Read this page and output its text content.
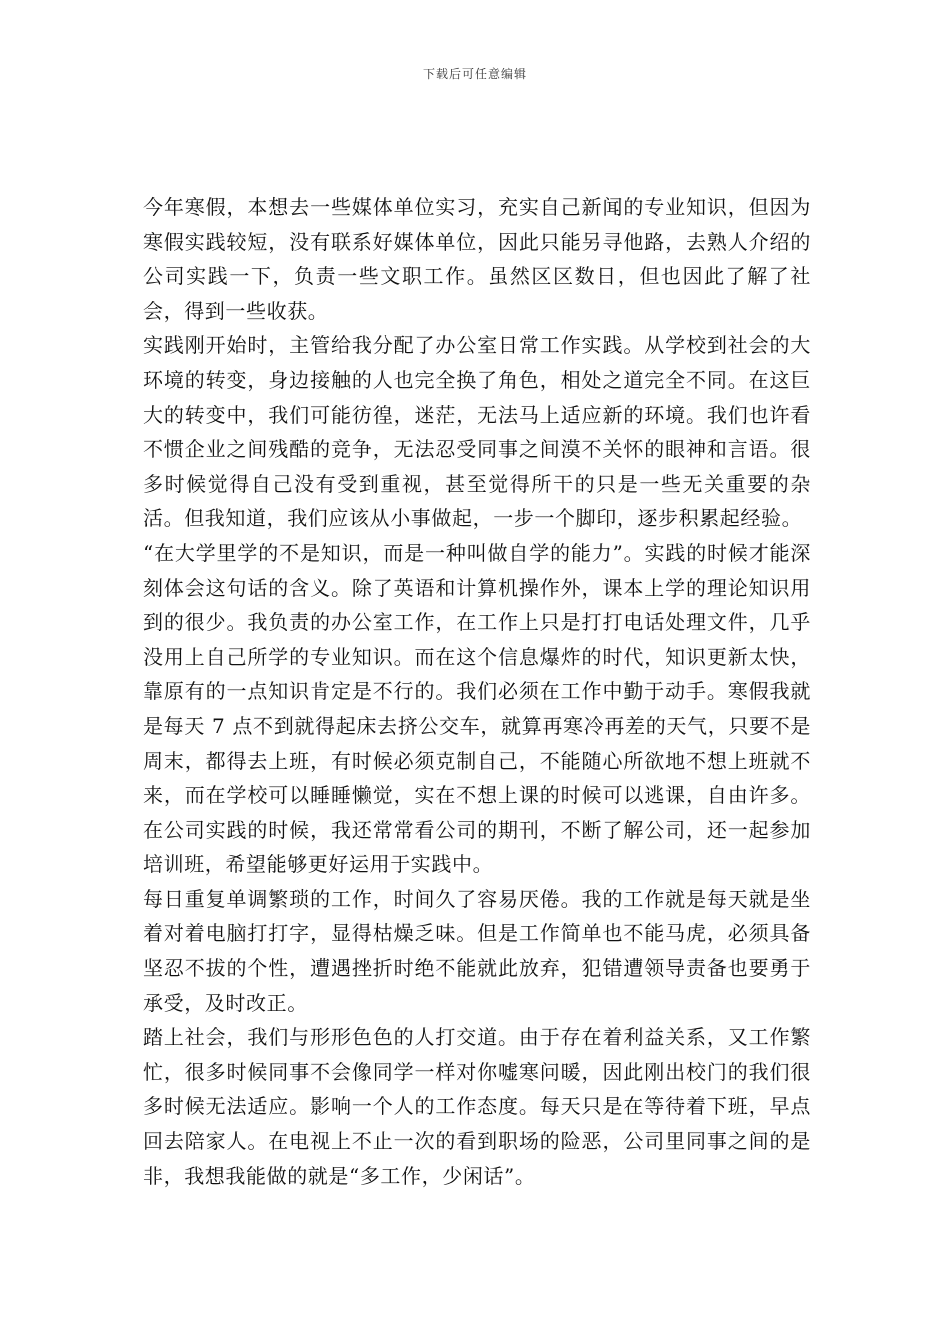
下载后可任意编辑

今年寒假，本想去一些媒体单位实习，充实自己新闻的专业知识，但因为寒假实践较短，没有联系好媒体单位，因此只能另寻他路，去熟人介绍的公司实践一下，负责一些文职工作。虽然区区数日，但也因此了解了社会，得到一些收获。

实践刚开始时，主管给我分配了办公室日常工作实践。从学校到社会的大环境的转变，身边接触的人也完全换了角色，相处之道完全不同。在这巨大的转变中，我们可能彷徨，迷茫，无法马上适应新的环境。我们也许看不惯企业之间残酷的竞争，无法忍受同事之间漠不关怀的眼神和言语。很多时候觉得自己没有受到重视，甚至觉得所干的只是一些无关重要的杂活。但我知道，我们应该从小事做起，一步一个脚印，逐步积累起经验。

“在大学里学的不是知识，而是一种叫做自学的能力”。实践的时候才能深刻体会这句话的含义。除了英语和计算机操作外，课本上学的理论知识用到的很少。我负责的办公室工作，在工作上只是打打电话处理文件，几乎没用上自己所学的专业知识。而在这个信息爆炸的时代，知识更新太快，靠原有的一点知识肯定是不行的。我们必须在工作中勤于动手。寒假我就是每天 7 点不到就得起床去挤公交车，就算再寒冷再差的天气，只要不是周末，都得去上班，有时候必须克制自己，不能随心所欲地不想上班就不来，而在学校可以睡睡懒觉，实在不想上课的时候可以逃课，自由许多。在公司实践的时候，我还常常看公司的期刊，不断了解公司，还一起参加培训班，希望能够更好运用于实践中。

每日重复单调繁琐的工作，时间久了容易厌倦。我的工作就是每天就是坐着对着电脑打打字，显得枯燥乏味。但是工作简单也不能马虎，必须具备坚忍不拔的个性，遭遇挫折时绝不能就此放弃，犯错遭领导责备也要勇于承受，及时改正。

踏上社会，我们与形形色色的人打交道。由于存在着利益关系，又工作繁忙，很多时候同事不会像同学一样对你嘘寒问暖，因此刚出校门的我们很多时候无法适应。影响一个人的工作态度。每天只是在等待着下班，早点回去陪家人。在电视上不止一次的看到职场的险恶，公司里同事之间的是非，我想我能做的就是“多工作，少闲话”。
